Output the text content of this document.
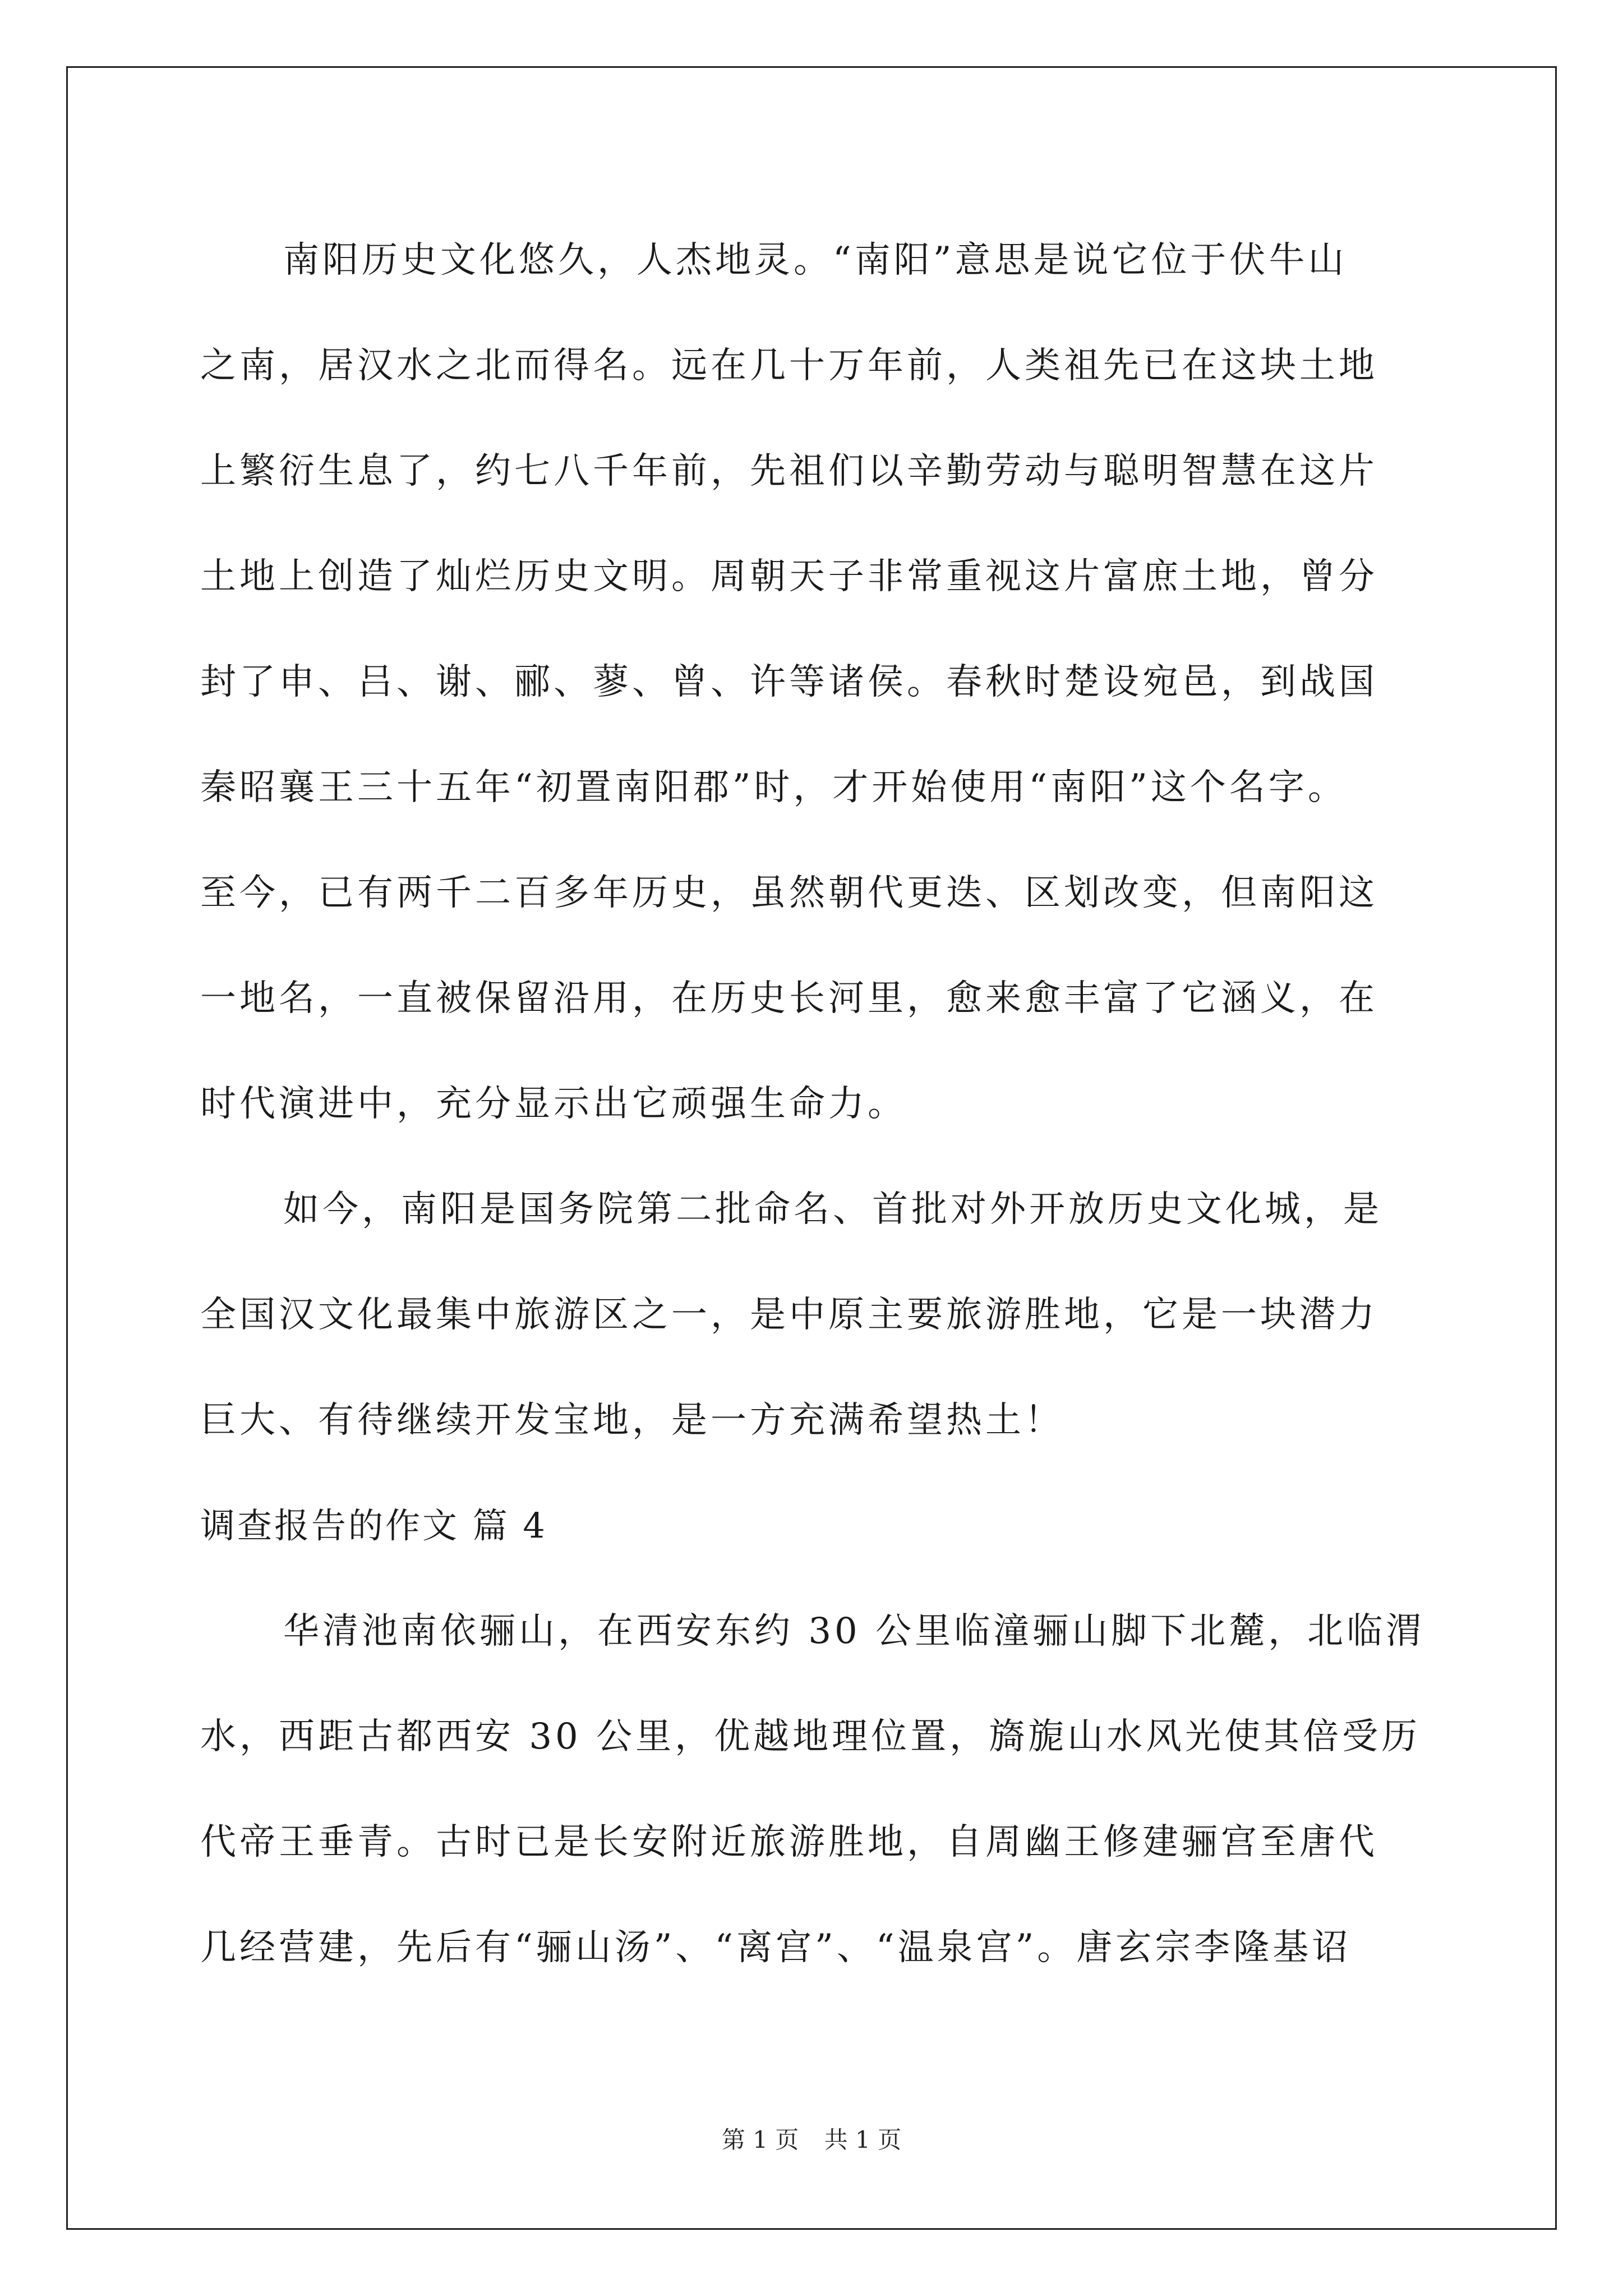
南阳历史文化悠久，人杰地灵。“南阳”意思是说它位于伏牛山
之南，居汉水之北而得名。远在几十万年前，人类祖先已在这块土地
上繁衍生息了，约七八千年前，先祖们以辛勤劳动与聪明智慧在这片
土地上创造了灿烂历史文明。周朝天子非常重视这片富庶土地，曾分
封了申、吕、谢、郦、蓼、曾、许等诸侯。春秋时楚设宛邑，到战国
秦昭襄王三十五年“初置南阳郡”时，才开始使用“南阳”这个名字。
至今，已有两千二百多年历史，虽然朝代更迭、区划改变，但南阳这
一地名，一直被保留沿用，在历史长河里，愈来愈丰富了它涵义，在
时代演进中，充分显示出它顽强生命力。
如今，南阳是国务院第二批命名、首批对外开放历史文化城，是
全国汉文化最集中旅游区之一，是中原主要旅游胜地，它是一块潜力
巨大、有待继续开发宝地，是一方充满希望热土！
调查报告的作文 篇 4
华清池南依骊山，在西安东约 30 公里临潼骊山脚下北麓，北临渭
水，西距古都西安 30 公里，优越地理位置，旖旎山水风光使其倍受历
代帝王垂青。古时已是长安附近旅游胜地，自周幽王修建骊宫至唐代
几经营建，先后有“骊山汤”、“离宫”、“温泉宫”。唐玄宗李隆基诏
第 1 页 共 1 页
